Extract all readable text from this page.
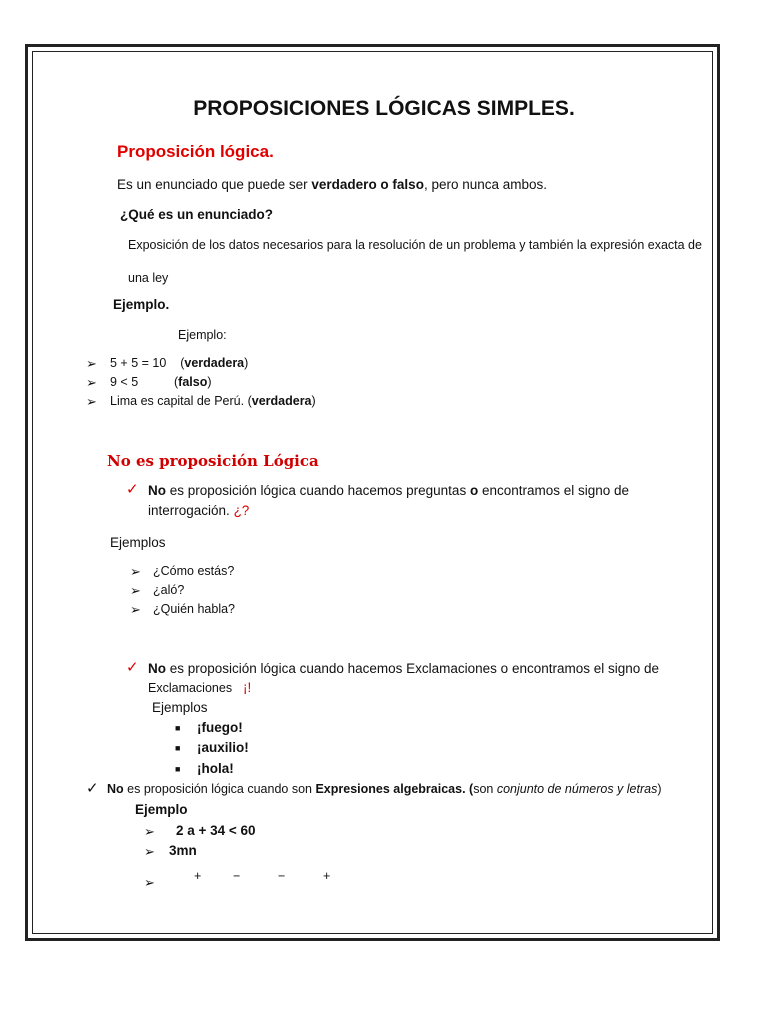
PROPOSICIONES LÓGICAS SIMPLES.
Proposición lógica.
Es un enunciado que puede ser verdadero o falso, pero nunca ambos.
¿Qué es un enunciado?
Exposición de los datos necesarios para la resolución de un problema y también la expresión exacta de
una ley
Ejemplo.
Ejemplo:
➢ 5 + 5 = 10    (verdadera)
➢ 9 < 5	(falso)
➢ Lima es capital de Perú. (verdadera)
No es proposición Lógica
✓ No es proposición lógica cuando hacemos preguntas o encontramos el signo de
interrogación. ¿?
Ejemplos
➢ ¿Cómo estás?
➢ ¿aló?
➢ ¿Quién habla?
✓ No es proposición lógica cuando hacemos Exclamaciones o encontramos el signo de
Exclamaciones ¡!
Ejemplos
■ ¡fuego!
■ ¡auxilio!
■ ¡hola!
✓ No es proposición lógica cuando son Expresiones algebraicas. (son conjunto de números y letras)
Ejemplo
➢ 2 a + 34 < 60
➢ 3mn
➢	+	−	−	+
